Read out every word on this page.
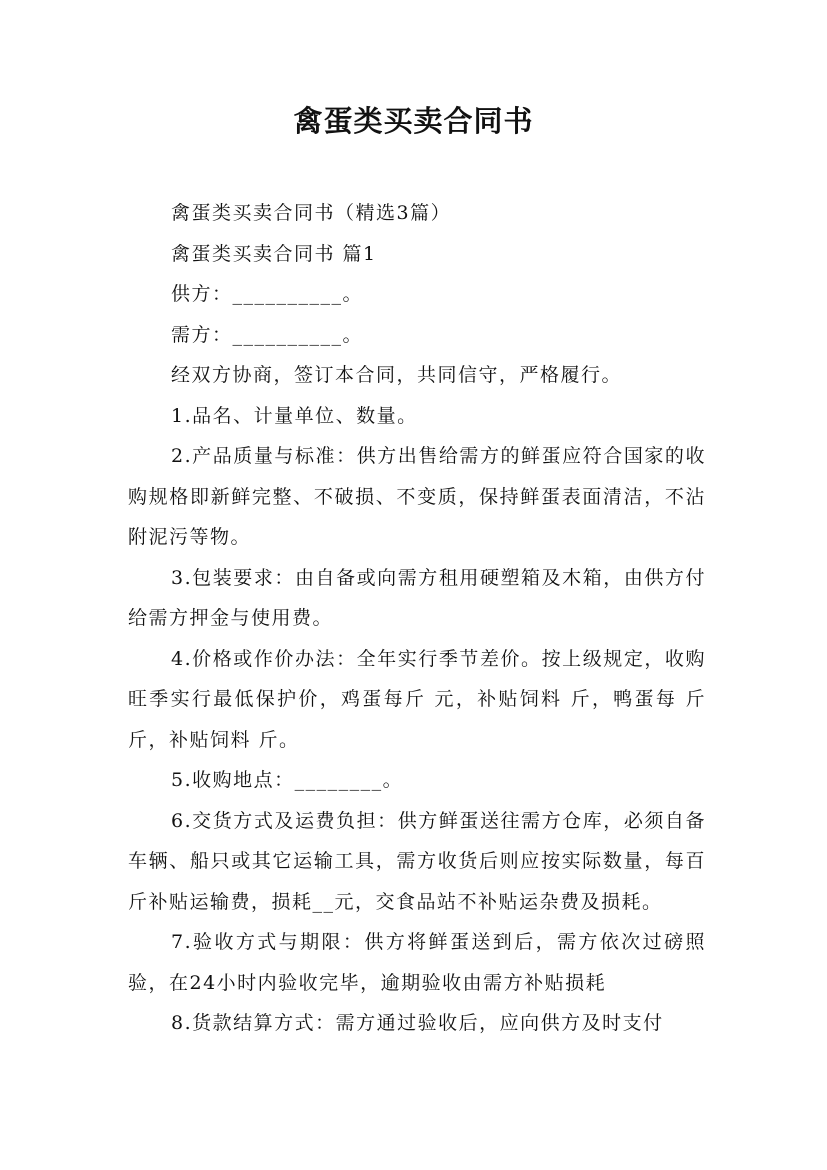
禽蛋类买卖合同书

禽蛋类买卖合同书（精选3篇）

禽蛋类买卖合同书 篇1

供方：__________。

需方：__________。

经双方协商，签订本合同，共同信守，严格履行。

1.品名、计量单位、数量。

2.产品质量与标准：供方出售给需方的鲜蛋应符合国家的收购规格即新鲜完整、不破损、不变质，保持鲜蛋表面清洁，不沾附泥污等物。

3.包装要求：由自备或向需方租用硬塑箱及木箱，由供方付给需方押金与使用费。

4.价格或作价办法：全年实行季节差价。按上级规定，收购旺季实行最低保护价，鸡蛋每斤 元，补贴饲料 斤，鸭蛋每 斤斤，补贴饲料 斤。

5.收购地点：________。

6.交货方式及运费负担：供方鲜蛋送往需方仓库，必须自备车辆、船只或其它运输工具，需方收货后则应按实际数量，每百斤补贴运输费，损耗__元，交食品站不补贴运杂费及损耗。

7.验收方式与期限：供方将鲜蛋送到后，需方依次过磅照验，在24小时内验收完毕，逾期验收由需方补贴损耗

8.货款结算方式：需方通过验收后，应向供方及时支付
